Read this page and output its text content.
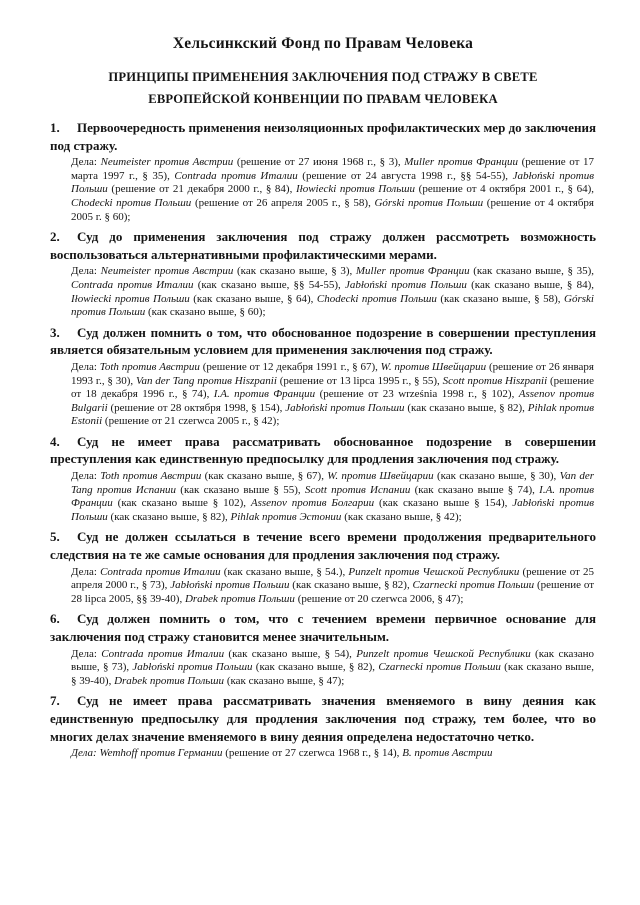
Хельсинкский Фонд по Правам Человека
ПРИНЦИПЫ ПРИМЕНЕНИЯ ЗАКЛЮЧЕНИЯ ПОД СТРАЖУ В СВЕТЕ
ЕВРОПЕЙСКОЙ КОНВЕНЦИИ ПО ПРАВАМ ЧЕЛОВЕКА

1. Первоочередность применения неизоляционных профилактических мер до заключения под стражу.

Дела: Neumeister против Австрии (решение от 27 июня 1968 г., § 3), Muller против Франции (решение от 17 марта 1997 г., § 35), Contrada против Италии (решение от 24 августа 1998 г., §§ 54-55), Jabłoński против Польши (решение от 21 декабря 2000 г., § 84), Iłowiecki против Польши (решение от 4 октября 2001 г., § 64), Chodecki против Польши (решение от 26 апреля 2005 г., § 58), Górski против Польши (решение от 4 октября 2005 г. § 60);

2. Суд до применения заключения под стражу должен рассмотреть возможность воспользоваться альтернативными профилактическими мерами.

Дела: Neumeister против Австрии (как сказано выше, § 3), Muller против Франции (как сказано выше, § 35), Contrada против Италии (как сказано выше, §§ 54-55), Jabłoński против Польши (как сказано выше, § 84), Iłowiecki против Польши (как сказано выше, § 64), Chodecki против Польши (как сказано выше, § 58), Górski против Польши (как сказано выше, § 60);

3. Суд должен помнить о том, что обоснованное подозрение в совершении преступления является обязательным условием для применения заключения под стражу.

Дела: Toth против Австрии (решение от 12 декабря 1991 г., § 67), W. против Швейцарии (решение от 26 января 1993 г., § 30), Van der Tang против Hiszpanii (решение от 13 lipca 1995 г., § 55), Scott против Hiszpanii (решение от 18 декабря 1996 г., § 74), I.A. против Франции (решение от 23 września 1998 г., § 102), Assenov против Bulgarii (решение от 28 октября 1998, § 154), Jabłoński против Польши (как сказано выше, § 82), Pihlak против Estonii (решение от 21 czerwca 2005 г., § 42);

4. Суд не имеет права рассматривать обоснованное подозрение в совершении преступления как единственную предпосылку для продления заключения под стражу.

Дела: Toth против Австрии (как сказано выше, § 67), W. против Швейцарии (как сказано выше, § 30), Van der Tang против Испании (как сказано выше § 55), Scott против Испании (как сказано выше § 74), I.A. против Франции (как сказано выше § 102), Assenov против Болгарии (как сказано выше § 154), Jabłoński против Польши (как сказано выше, § 82), Pihlak против Эстонии (как сказано выше, § 42);

5. Суд не должен ссылаться в течение всего времени продолжения предварительного следствия на те же самые основания для продления заключения под стражу.

Дела: Contrada против Италии (как сказано выше, § 54.), Punzelt против Чешской Республики (решение от 25 апреля 2000 г., § 73), Jabłoński против Польши (как сказано выше, § 82), Czarnecki против Польши (решение от 28 lipca 2005, §§ 39-40), Drabek против Польши (решение от 20 czerwca 2006, § 47);

6. Суд должен помнить о том, что с течением времени первичное основание для заключения под стражу становится менее значительным.

Дела: Contrada против Италии (как сказано выше, § 54), Punzelt против Чешской Республики (как сказано выше, § 73), Jabłoński против Польши (как сказано выше, § 82), Czarnecki против Польши (как сказано выше, § 39-40), Drabek против Польши (как сказано выше, § 47);

7. Суд не имеет права рассматривать значения вменяемого в вину деяния как единственную предпосылку для продления заключения под стражу, тем более, что во многих делах значение вменяемого в вину деяния определена недостаточно четко.

Дела: Wemhoff против Германии (решение от 27 czerwca 1968 г., § 14), B. против Австрии
